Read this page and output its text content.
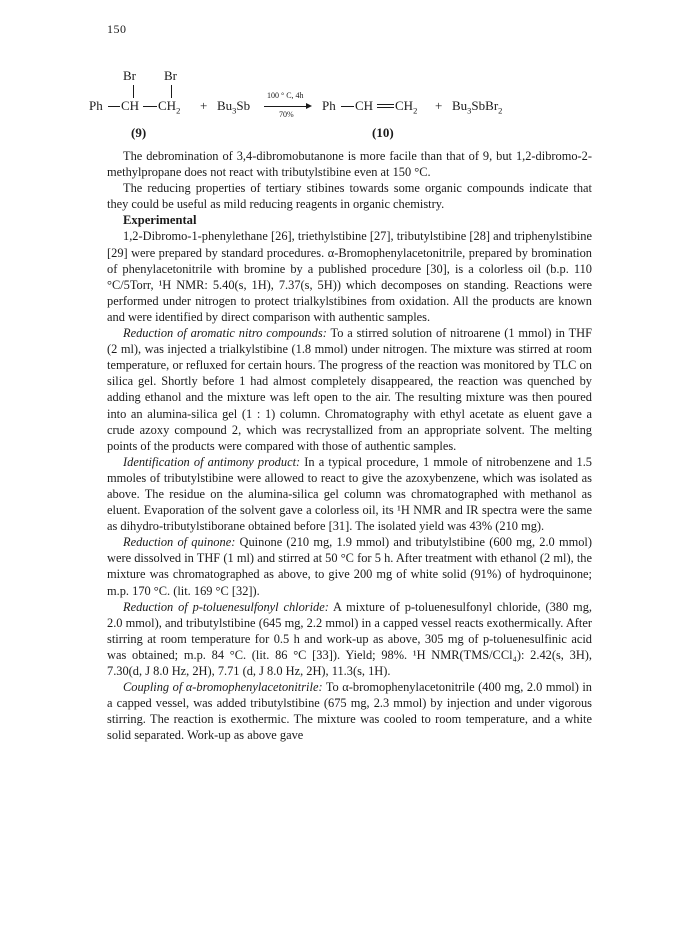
150
Br Br
Ph CH $CH_2 + Bu_3Sb$
100 ° C, 4h
70%
Ph CH $CH_2$ + $Bu_3SbBr_2$
(9)	(10)

The debromination of 3,4-dibromobutanone is more facile than that of 9, but 1,2-dibromo-2-methylpropane does not react with tributylstibine even at 150 °C.

The reducing properties of tertiary stibines towards some organic compounds indicate that they could be useful as mild reducing reagents in organic chemistry.

Experimental

1,2-Dibromo-1-phenylethane [26], triethylstibine [27], tributylstibine [28] and triphenylstibine [29] were prepared by standard procedures. α-Bromophenylacetonitrile, prepared by bromination of phenylacetonitrile with bromine by a published procedure [30], is a colorless oil (b.p. 110 °C/5Torr, ¹H NMR: 5.40(s, 1H), 7.37(s, 5H)) which decomposes on standing. Reactions were performed under nitrogen to protect trialkylstibines from oxidation. All the products are known and were identified by direct comparison with authentic samples.

Reduction of aromatic nitro compounds: To a stirred solution of nitroarene (1 mmol) in THF (2 ml), was injected a trialkylstibine (1.8 mmol) under nitrogen. The mixture was stirred at room temperature, or refluxed for certain hours. The progress of the reaction was monitored by TLC on silica gel. Shortly before 1 had almost completely disappeared, the reaction was quenched by adding ethanol and the mixture was left open to the air. The resulting mixture was then poured into an alumina-silica gel (1 : 1) column. Chromatography with ethyl acetate as eluent gave a crude azoxy compound 2, which was recrystallized from an appropriate solvent. The melting points of the products were compared with those of authentic samples.

Identification of antimony product: In a typical procedure, 1 mmole of nitrobenzene and 1.5 mmoles of tributylstibine were allowed to react to give the azoxybenzene, which was isolated as above. The residue on the alumina-silica gel column was chromatographed with methanol as eluent. Evaporation of the solvent gave a colorless oil, its ¹H NMR and IR spectra were the same as dihydro-tributylstiborane obtained before [31]. The isolated yield was 43% (210 mg).

Reduction of quinone: Quinone (210 mg, 1.9 mmol) and tributylstibine (600 mg, 2.0 mmol) were dissolved in THF (1 ml) and stirred at 50 °C for 5 h. After treatment with ethanol (2 ml), the mixture was chromatographed as above, to give 200 mg of white solid (91%) of hydroquinone; m.p. 170 °C. (lit. 169 °C [32]).

Reduction of p-toluenesulfonyl chloride: A mixture of p-toluenesulfonyl chloride, (380 mg, 2.0 mmol), and tributylstibine (645 mg, 2.2 mmol) in a capped vessel reacts exothermically. After stirring at room temperature for 0.5 h and work-up as above, 305 mg of p-toluenesulfinic acid was obtained; m.p. 84 °C. (lit. 86 °C [33]). Yield; 98%. ¹H NMR(TMS/CCl₄): 2.42(s, 3H), 7.30(d, J 8.0 Hz, 2H), 7.71 (d, J 8.0 Hz, 2H), 11.3(s, 1H).

Coupling of α-bromophenylacetonitrile: To α-bromophenylacetonitrile (400 mg, 2.0 mmol) in a capped vessel, was added tributylstibine (675 mg, 2.3 mmol) by injection and under vigorous stirring. The reaction is exothermic. The mixture was cooled to room temperature, and a white solid separated. Work-up as above gave
